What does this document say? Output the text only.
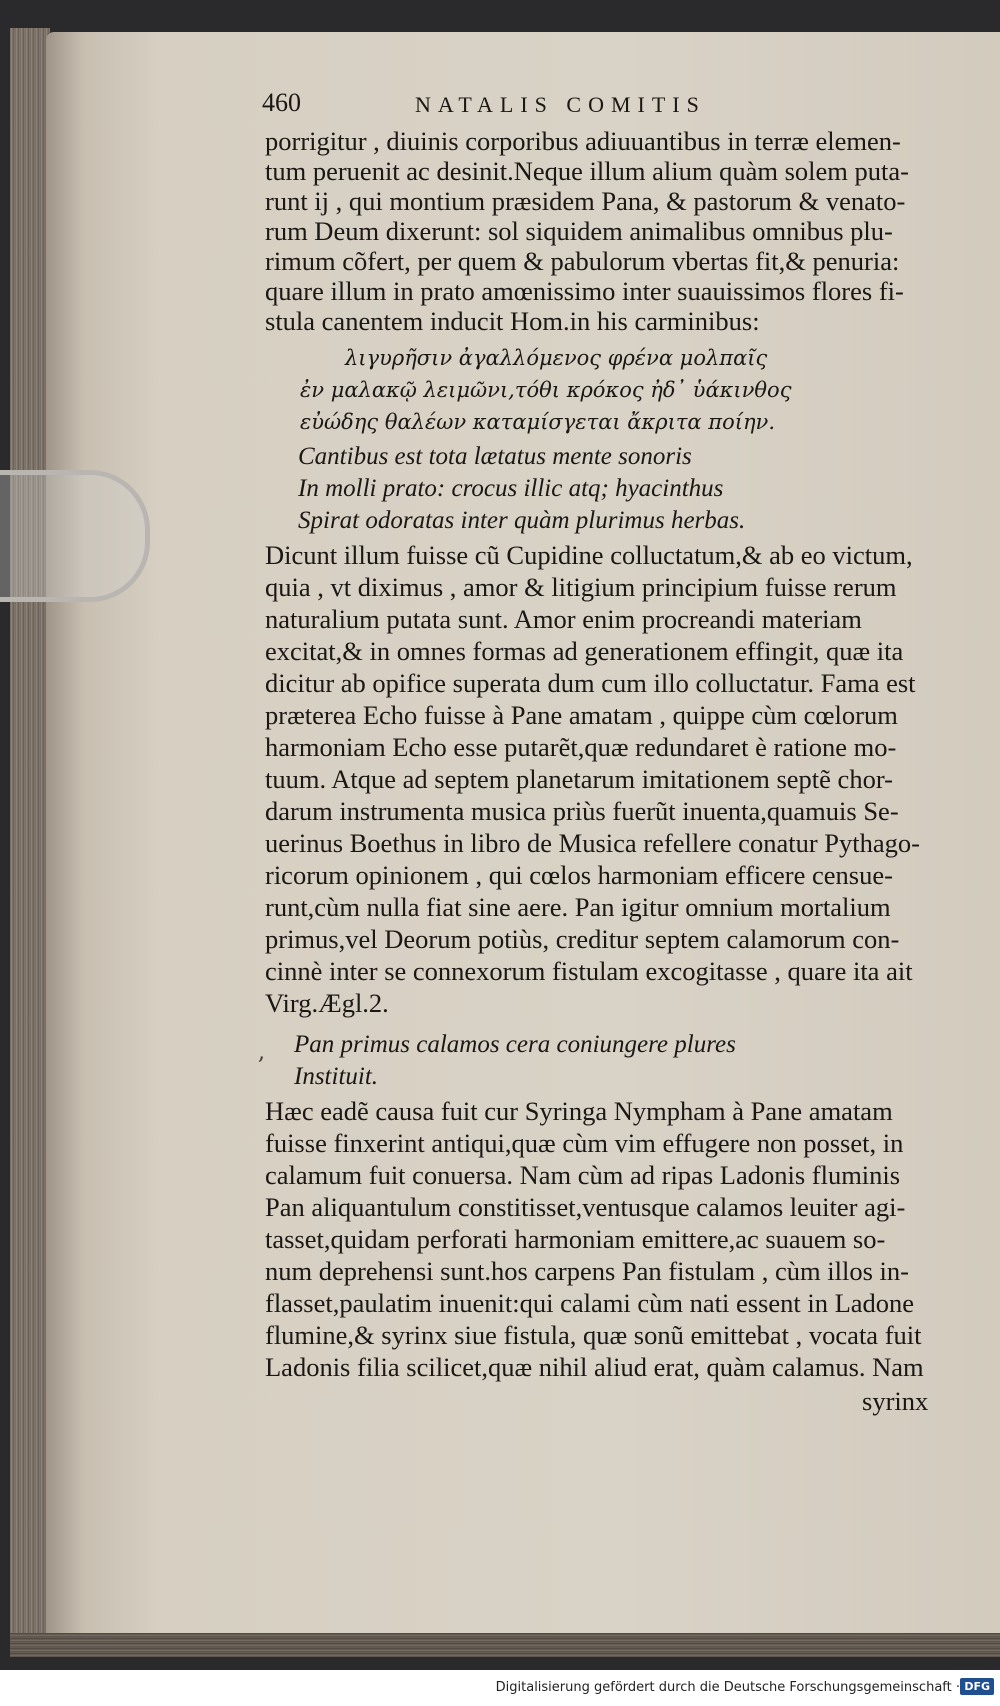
460	NATALIS COMITIS
porrigitur , diuinis corporibus adiuuantibus in terræ elemen-
tum peruenit ac desinit.Neque illum alium quàm solem puta-
runt ij , qui montium præsidem Pana, & pastorum & venato-
rum Deum dixerunt: sol siquidem animalibus omnibus plu-
rimum cõfert, per quem & pabulorum vbertas fit,& penuria:
quare illum in prato amœnissimo inter suauissimos flores fi-
stula canentem inducit Hom.in his carminibus:
λιγυρῆσιν ἀγαλλόμενος φρένα μολπαῖς
ἐν μαλακῷ λειμῶνι,τόθι κρόκος ἠδ᾽ ὑάκινθος
εὐώδης θαλέων καταμίσγεται ἄκριτα ποίην.
Cantibus est tota lætatus mente sonoris
In molli prato: crocus illic atq; hyacinthus
Spirat odoratas inter quàm plurimus herbas.
Dicunt illum fuisse cũ Cupidine colluctatum,& ab eo victum,
quia , vt diximus , amor & litigium principium fuisse rerum
naturalium putata sunt. Amor enim procreandi materiam
excitat,& in omnes formas ad generationem effingit, quæ ita
dicitur ab opifice superata dum cum illo colluctatur. Fama est
præterea Echo fuisse à Pane amatam , quippe cùm cœlorum
harmoniam Echo esse putarẽt,quæ redundaret è ratione mo-
tuum. Atque ad septem planetarum imitationem septẽ chor-
darum instrumenta musica priùs fuerũt inuenta,quamuis Se-
uerinus Boethus in libro de Musica refellere conatur Pythago-
ricorum opinionem , qui cœlos harmoniam efficere censue-
runt,cùm nulla fiat sine aere. Pan igitur omnium mortalium
primus,vel Deorum potiùs, creditur septem calamorum con-
cinnè inter se connexorum fistulam excogitasse , quare ita ait
Virg.Ægl.2.
, Pan primus calamos cera coniungere plures
Instituit.
Hæc eadẽ causa fuit cur Syringa Nympham à Pane amatam
fuisse finxerint antiqui,quæ cùm vim effugere non posset, in
calamum fuit conuersa. Nam cùm ad ripas Ladonis fluminis
Pan aliquantulum constitisset,ventusque calamos leuiter agi-
tasset,quidam perforati harmoniam emittere,ac suauem so-
num deprehensi sunt.hos carpens Pan fistulam , cùm illos in-
flasset,paulatim inuenit:qui calami cùm nati essent in Ladone
flumine,& syrinx siue fistula, quæ sonũ emittebat , vocata fuit
Ladonis filia scilicet,quæ nihil aliud erat, quàm calamus. Nam
syrinx
Digitalisierung gefördert durch die Deutsche Forschungsgemeinschaft · DFG
